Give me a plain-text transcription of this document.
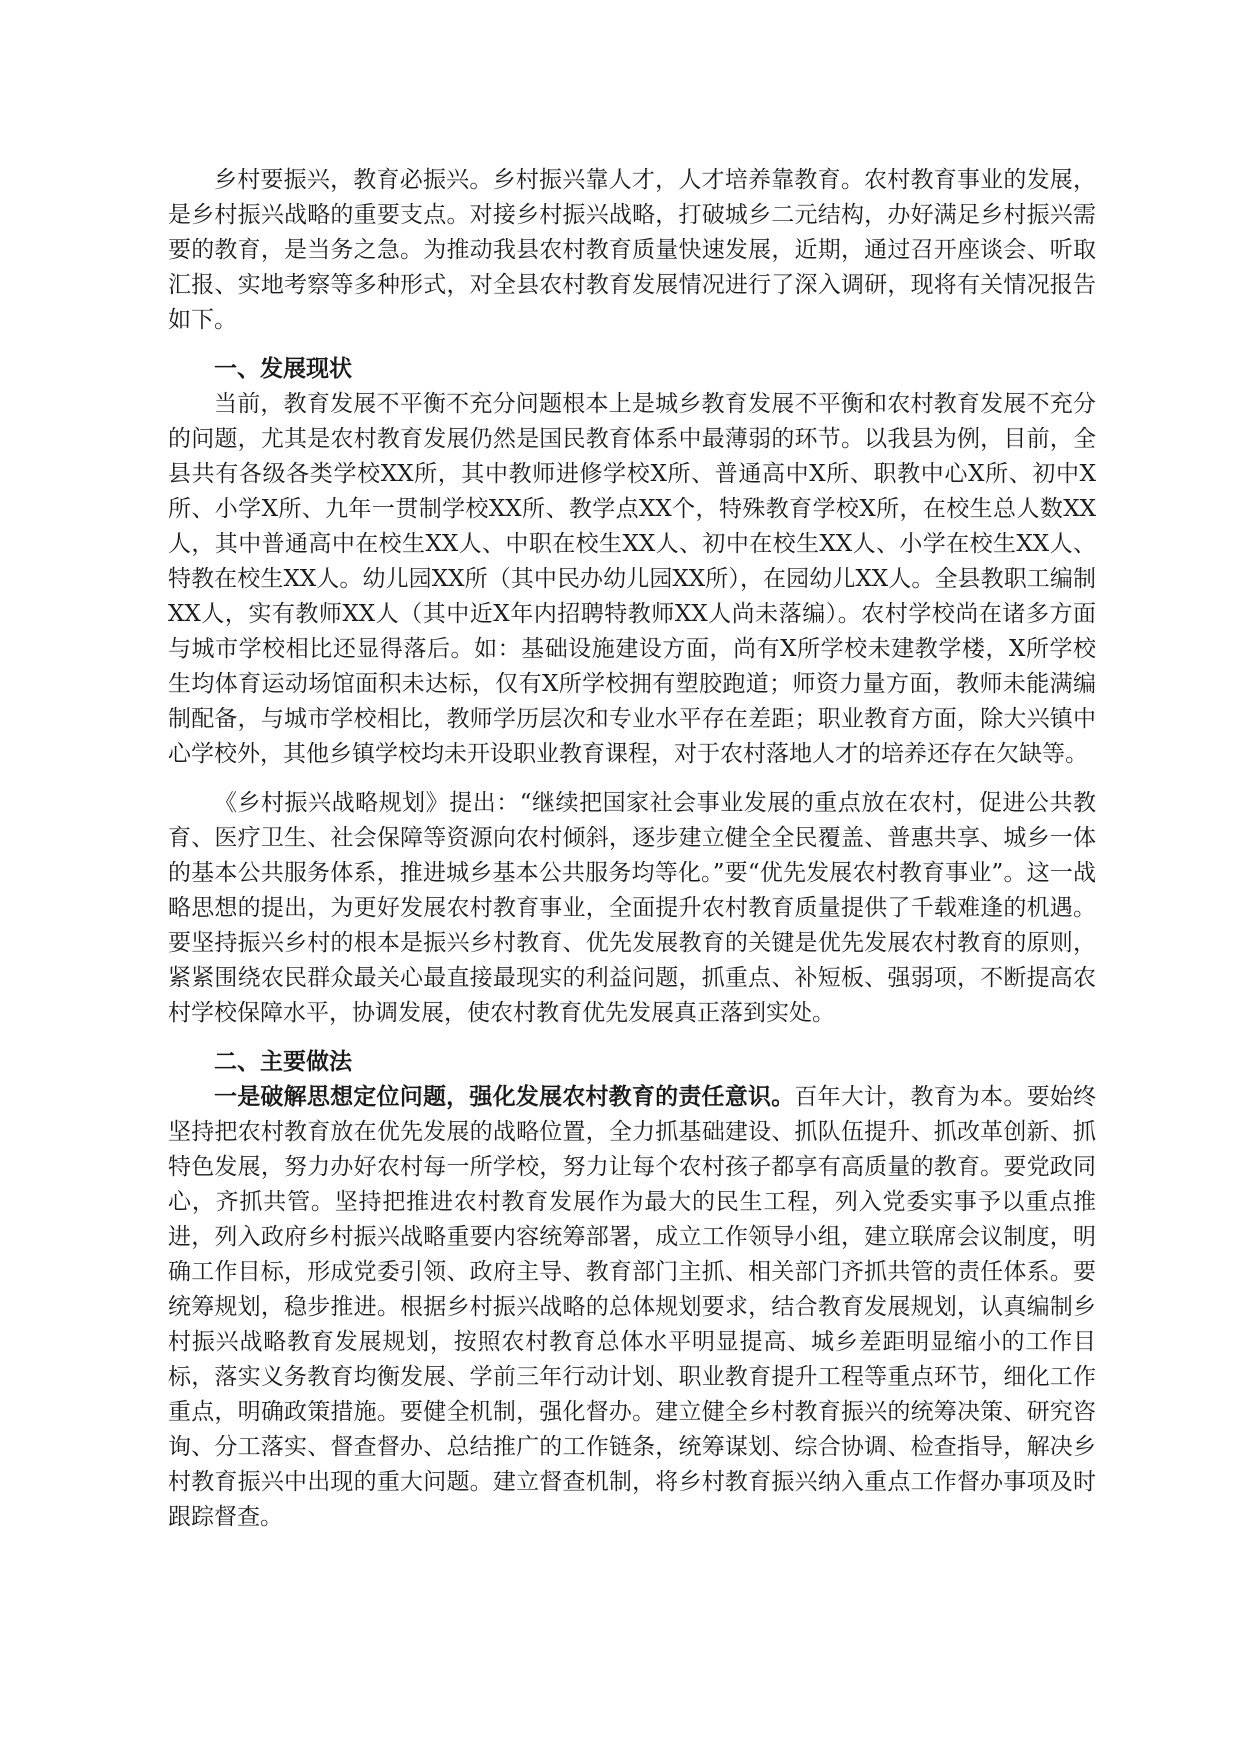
乡村要振兴，教育必振兴。乡村振兴靠人才，人才培养靠教育。农村教育事业的发展，是乡村振兴战略的重要支点。对接乡村振兴战略，打破城乡二元结构，办好满足乡村振兴需要的教育，是当务之急。为推动我县农村教育质量快速发展，近期，通过召开座谈会、听取汇报、实地考察等多种形式，对全县农村教育发展情况进行了深入调研，现将有关情况报告如下。

一、发展现状

当前，教育发展不平衡不充分问题根本上是城乡教育发展不平衡和农村教育发展不充分的问题，尤其是农村教育发展仍然是国民教育体系中最薄弱的环节。以我县为例，目前，全县共有各级各类学校XX所，其中教师进修学校X所、普通高中X所、职教中心X所、初中X所、小学X所、九年一贯制学校XX所、教学点XX个，特殊教育学校X所，在校生总人数XX人，其中普通高中在校生XX人、中职在校生XX人、初中在校生XX人、小学在校生XX人、特教在校生XX人。幼儿园XX所（其中民办幼儿园XX所），在园幼儿XX人。全县教职工编制XX人，实有教师XX人（其中近X年内招聘特教师XX人尚未落编）。农村学校尚在诸多方面与城市学校相比还显得落后。如：基础设施建设方面，尚有X所学校未建教学楼，X所学校生均体育运动场馆面积未达标，仅有X所学校拥有塑胶跑道；师资力量方面，教师未能满编制配备，与城市学校相比，教师学历层次和专业水平存在差距；职业教育方面，除大兴镇中心学校外，其他乡镇学校均未开设职业教育课程，对于农村落地人才的培养还存在欠缺等。

《乡村振兴战略规划》提出：“继续把国家社会事业发展的重点放在农村，促进公共教育、医疗卫生、社会保障等资源向农村倾斜，逐步建立健全全民覆盖、普惠共享、城乡一体的基本公共服务体系，推进城乡基本公共服务均等化。”要“优先发展农村教育事业”。这一战略思想的提出，为更好发展农村教育事业，全面提升农村教育质量提供了千载难逢的机遇。要坚持振兴乡村的根本是振兴乡村教育、优先发展教育的关键是优先发展农村教育的原则，紧紧围绕农民群众最关心最直接最现实的利益问题，抓重点、补短板、强弱项，不断提高农村学校保障水平，协调发展，使农村教育优先发展真正落到实处。

二、主要做法

一是破解思想定位问题，强化发展农村教育的责任意识。百年大计，教育为本。要始终坚持把农村教育放在优先发展的战略位置，全力抓基础建设、抓队伍提升、抓改革创新、抓特色发展，努力办好农村每一所学校，努力让每个农村孩子都享有高质量的教育。要党政同心，齐抓共管。坚持把推进农村教育发展作为最大的民生工程，列入党委实事予以重点推进，列入政府乡村振兴战略重要内容统筹部署，成立工作领导小组，建立联席会议制度，明确工作目标，形成党委引领、政府主导、教育部门主抓、相关部门齐抓共管的责任体系。要统筹规划，稳步推进。根据乡村振兴战略的总体规划要求，结合教育发展规划，认真编制乡村振兴战略教育发展规划，按照农村教育总体水平明显提高、城乡差距明显缩小的工作目标，落实义务教育均衡发展、学前三年行动计划、职业教育提升工程等重点环节，细化工作重点，明确政策措施。要健全机制，强化督办。建立健全乡村教育振兴的统筹决策、研究咨询、分工落实、督查督办、总结推广的工作链条，统筹谋划、综合协调、检查指导，解决乡村教育振兴中出现的重大问题。建立督查机制，将乡村教育振兴纳入重点工作督办事项及时跟踪督查。
